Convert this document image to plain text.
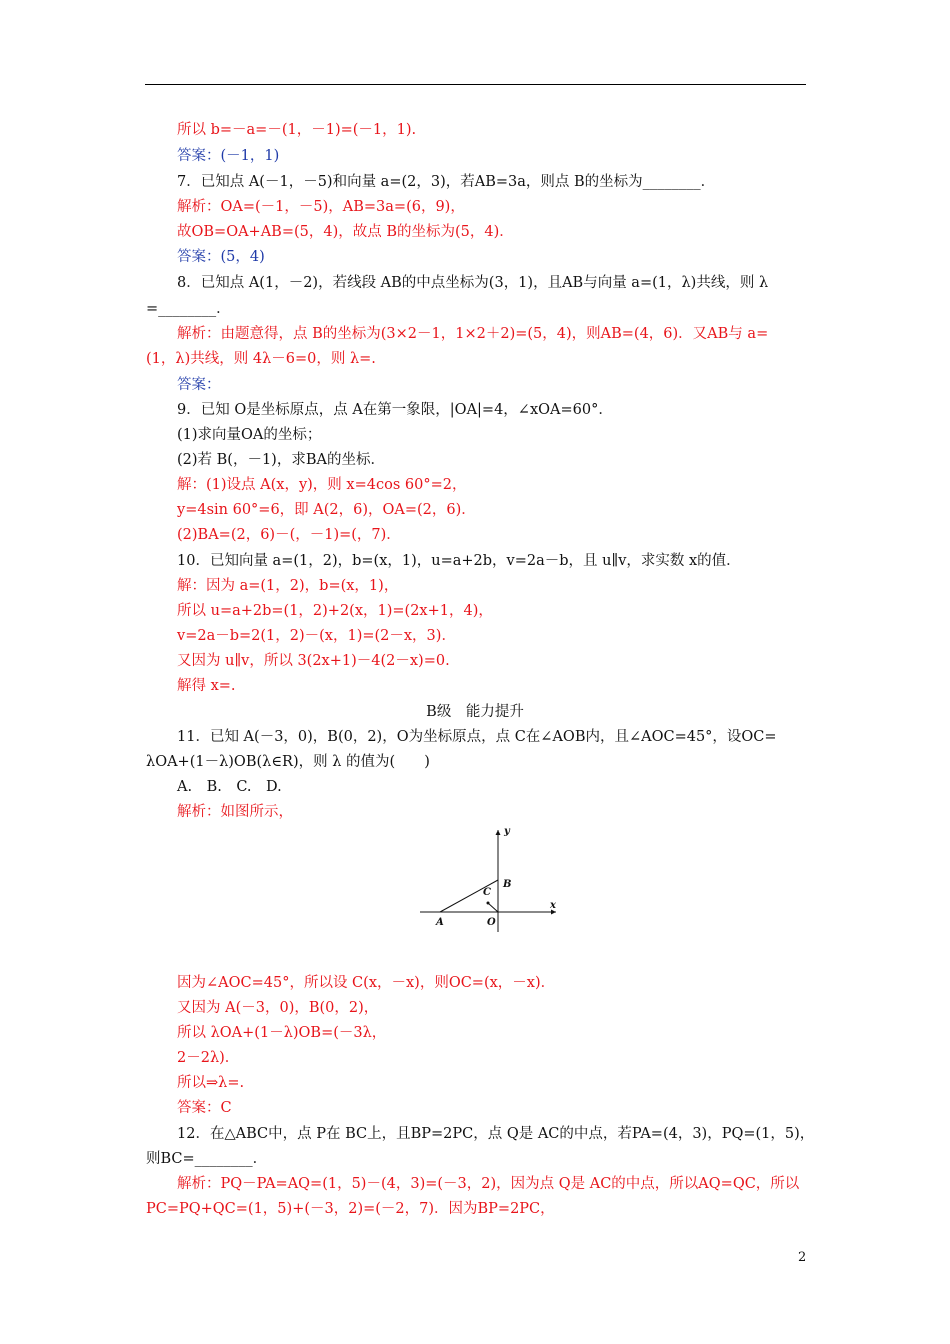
所以 b=－a=－(1，－1)=(－1，1).
答案：(－1，1)
7．已知点 A(－1，－5)和向量 a=(2，3)，若AB=3a，则点 B的坐标为________．
解析：OA=(－1，－5)，AB=3a=(6，9)，
故OB=OA+AB=(5，4)，故点 B的坐标为(5，4)．
答案：(5，4)
8．已知点 A(1，－2)，若线段 AB的中点坐标为(3，1)，且AB与向量 a=(1，λ)共线，则 λ
=________．
解析：由题意得，点 B的坐标为(3×2－1，1×2＋2)=(5，4)，则AB=(4，6)．又AB与 a=
(1，λ)共线，则 4λ－6=0，则 λ=.
答案：
9．已知 O是坐标原点，点 A在第一象限，|OA|=4，∠xOA=60°．
(1)求向量OA的坐标；
(2)若 B(，－1)，求BA的坐标．
解：(1)设点 A(x，y)，则 x=4cos 60°=2，
y=4sin 60°=6，即 A(2，6)，OA=(2，6)．
(2)BA=(2，6)－(，－1)=(，7)．
10．已知向量 a=(1，2)，b=(x，1)，u=a+2b，v=2a－b，且 u∥v，求实数 x的值．
解：因为 a=(1，2)，b=(x，1)，
所以 u=a+2b=(1，2)+2(x，1)=(2x+1，4)，
v=2a－b=2(1，2)－(x，1)=(2－x，3)．
又因为 u∥v，所以 3(2x+1)－4(2－x)=0.
解得 x=.
B级　能力提升
11．已知 A(－3，0)，B(0，2)，O为坐标原点，点 C在∠AOB内，且∠AOC=45°，设OC=
λOA+(1－λ)OB(λ∈R)，则 λ 的值为(　　)
A.　B.　C.　D.
解析：如图所示，
y
x
A
B
C
O
因为∠AOC=45°，所以设 C(x，－x)，则OC=(x，－x)．
又因为 A(－3，0)，B(0，2)，
所以 λOA+(1－λ)OB=(－3λ，
2－2λ)．
所以⇒λ=.
答案：C
12．在△ABC中，点 P在 BC上，且BP=2PC，点 Q是 AC的中点，若PA=(4，3)，PQ=(1，5)，
则BC=________．
解析：PQ－PA=AQ=(1，5)－(4，3)=(－3，2)，因为点 Q是 AC的中点，所以AQ=QC，所以
PC=PQ+QC=(1，5)+(－3，2)=(－2，7)．因为BP=2PC，
2
